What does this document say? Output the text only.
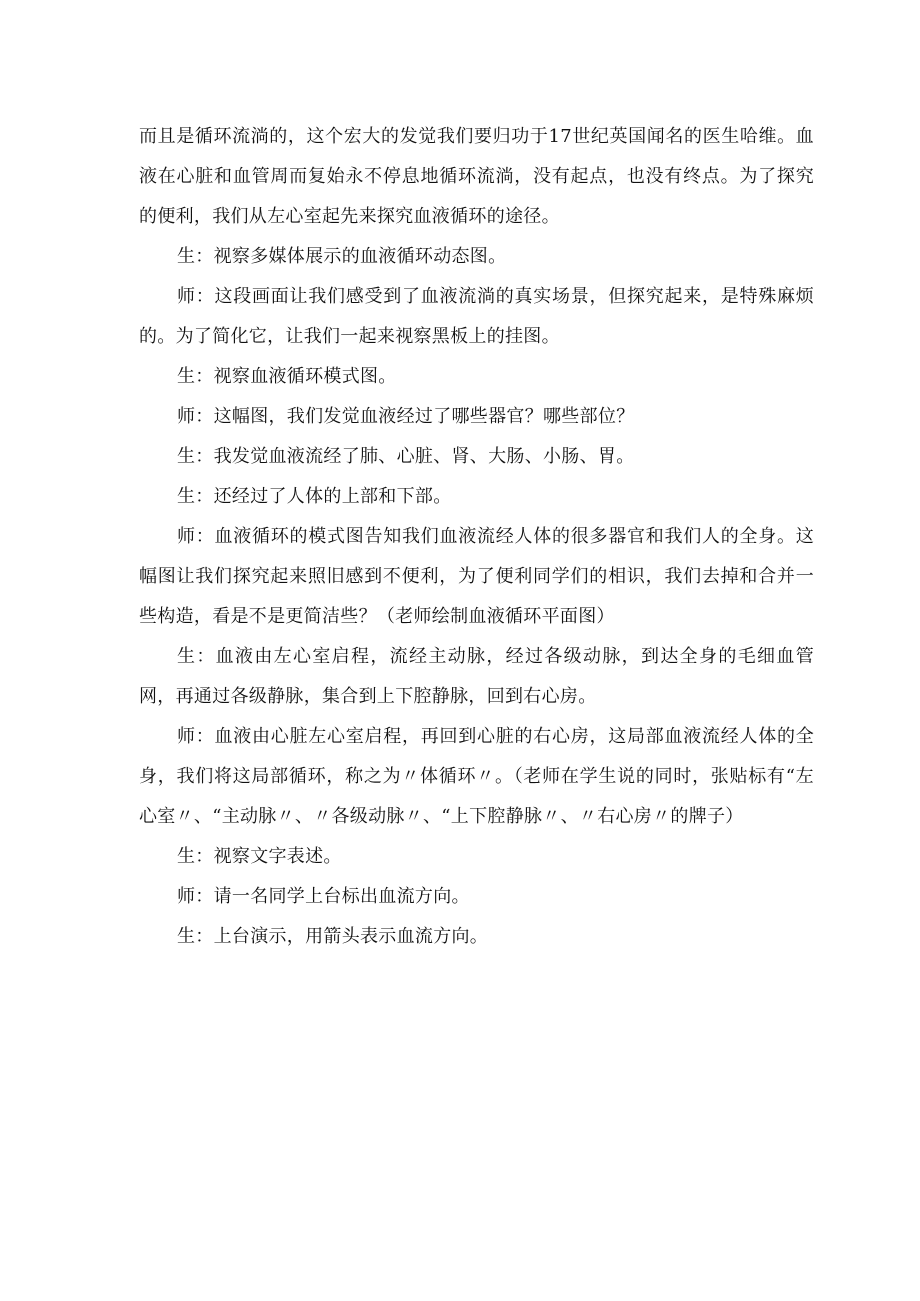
而且是循环流淌的，这个宏大的发觉我们要归功于17世纪英国闻名的医生哈维。血液在心脏和血管周而复始永不停息地循环流淌，没有起点，也没有终点。为了探究的便利，我们从左心室起先来探究血液循环的途径。

生：视察多媒体展示的血液循环动态图。

师：这段画面让我们感受到了血液流淌的真实场景，但探究起来，是特殊麻烦的。为了简化它，让我们一起来视察黑板上的挂图。

生：视察血液循环模式图。

师：这幅图，我们发觉血液经过了哪些器官？哪些部位？

生：我发觉血液流经了肺、心脏、肾、大肠、小肠、胃。

生：还经过了人体的上部和下部。

师：血液循环的模式图告知我们血液流经人体的很多器官和我们人的全身。这幅图让我们探究起来照旧感到不便利，为了便利同学们的相识，我们去掉和合并一些构造，看是不是更简洁些？（老师绘制血液循环平面图）

生：血液由左心室启程，流经主动脉，经过各级动脉，到达全身的毛细血管网，再通过各级静脉，集合到上下腔静脉，回到右心房。

师：血液由心脏左心室启程，再回到心脏的右心房，这局部血液流经人体的全身，我们将这局部循环，称之为〃体循环〃。（老师在学生说的同时，张贴标有“左心室〃、“主动脉〃、〃各级动脉〃、“上下腔静脉〃、〃右心房〃的牌子）

生：视察文字表述。

师：请一名同学上台标出血流方向。

生：上台演示，用箭头表示血流方向。
